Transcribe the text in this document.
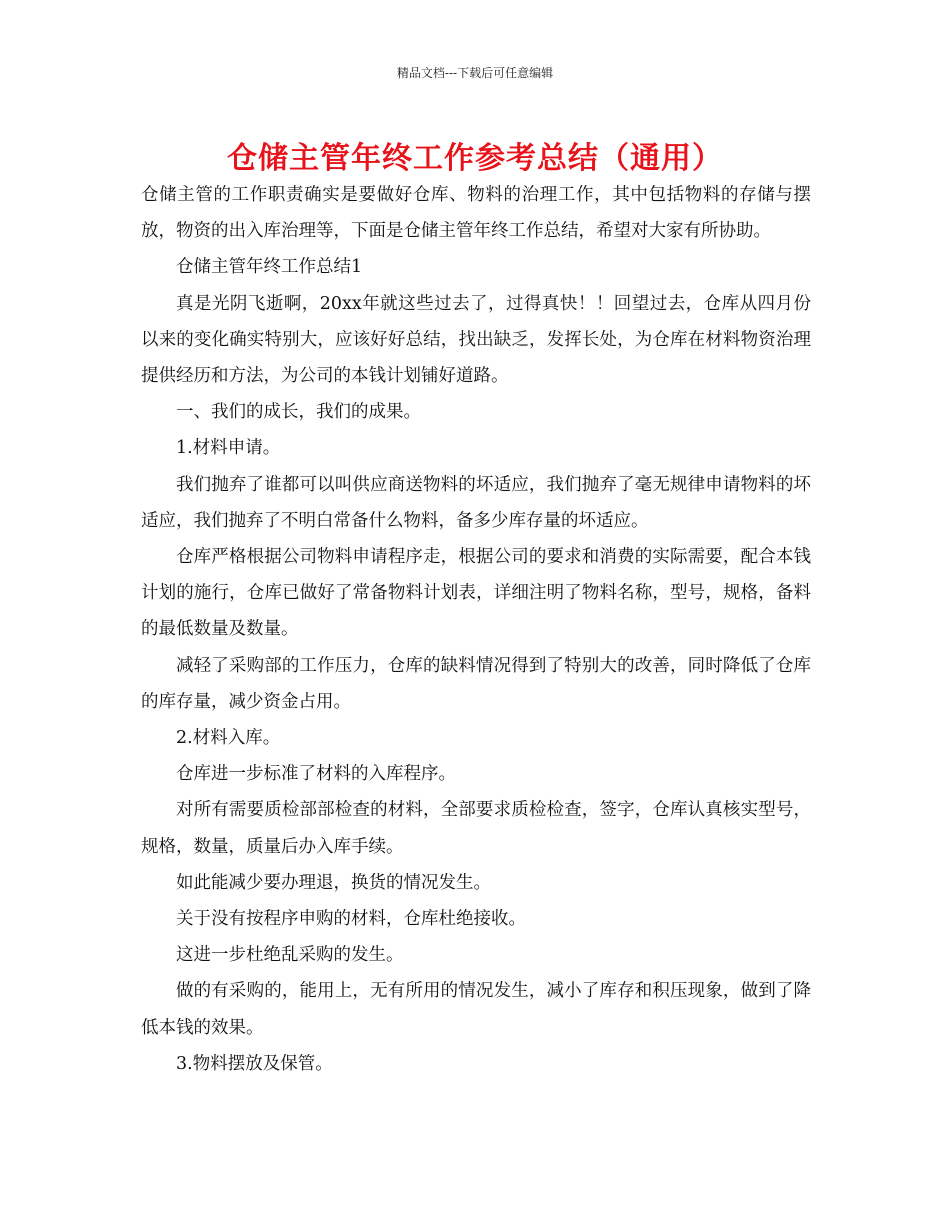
精品文档---下载后可任意编辑
仓储主管年终工作参考总结（通用）

仓储主管的工作职责确实是要做好仓库、物料的治理工作，其中包括物料的存储与摆放，物资的出入库治理等，下面是仓储主管年终工作总结，希望对大家有所协助。

仓储主管年终工作总结1

真是光阴飞逝啊，20xx年就这些过去了，过得真快！！回望过去，仓库从四月份以来的变化确实特别大，应该好好总结，找出缺乏，发挥长处，为仓库在材料物资治理提供经历和方法，为公司的本钱计划铺好道路。

一、我们的成长，我们的成果。

1.材料申请。

我们抛弃了谁都可以叫供应商送物料的坏适应，我们抛弃了毫无规律申请物料的坏适应，我们抛弃了不明白常备什么物料，备多少库存量的坏适应。

仓库严格根据公司物料申请程序走，根据公司的要求和消费的实际需要，配合本钱计划的施行，仓库已做好了常备物料计划表，详细注明了物料名称，型号，规格，备料的最低数量及数量。

减轻了采购部的工作压力，仓库的缺料情况得到了特别大的改善，同时降低了仓库的库存量，减少资金占用。

2.材料入库。

仓库进一步标准了材料的入库程序。

对所有需要质检部部检查的材料，全部要求质检检查，签字，仓库认真核实型号，规格，数量，质量后办入库手续。

如此能减少要办理退，换货的情况发生。

关于没有按程序申购的材料，仓库杜绝接收。

这进一步杜绝乱采购的发生。

做的有采购的，能用上，无有所用的情况发生，减小了库存和积压现象，做到了降低本钱的效果。

3.物料摆放及保管。
